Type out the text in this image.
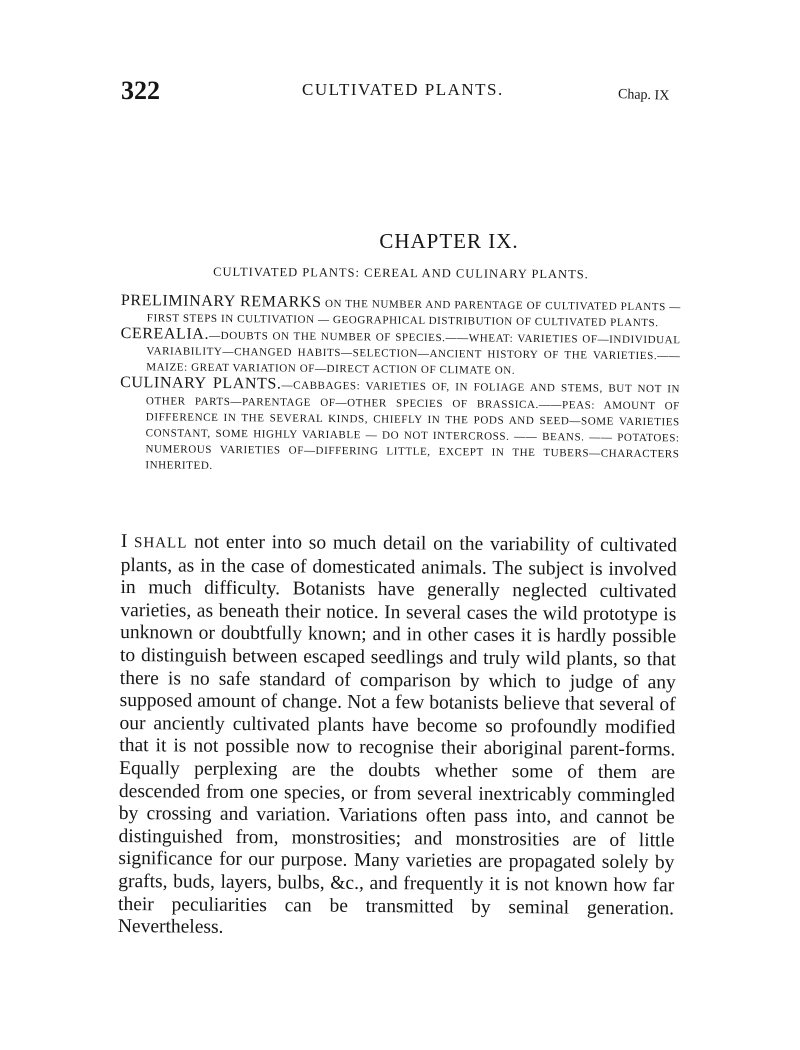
322	CULTIVATED PLANTS.	Chap. IX
CHAPTER IX.
CULTIVATED PLANTS: CEREAL AND CULINARY PLANTS.

PRELIMINARY REMARKS ON THE NUMBER AND PARENTAGE OF CULTIVATED PLANTS — FIRST STEPS IN CULTIVATION — GEOGRAPHICAL DISTRIBUTION OF CULTIVATED PLANTS.

CEREALIA.—DOUBTS ON THE NUMBER OF SPECIES.——WHEAT: VARIETIES OF—INDIVIDUAL VARIABILITY—CHANGED HABITS—SELECTION—ANCIENT HISTORY OF THE VARIETIES.——MAIZE: GREAT VARIATION OF—DIRECT ACTION OF CLIMATE ON.

CULINARY PLANTS.—CABBAGES: VARIETIES OF, IN FOLIAGE AND STEMS, BUT NOT IN OTHER PARTS—PARENTAGE OF—OTHER SPECIES OF BRASSICA.——PEAS: AMOUNT OF DIFFERENCE IN THE SEVERAL KINDS, CHIEFLY IN THE PODS AND SEED—SOME VARIETIES CONSTANT, SOME HIGHLY VARIABLE — DO NOT INTERCROSS. —— BEANS. —— POTATOES: NUMEROUS VARIETIES OF—DIFFERING LITTLE, EXCEPT IN THE TUBERS—CHARACTERS INHERITED.

I SHALL not enter into so much detail on the variability of cultivated plants, as in the case of domesticated animals. The subject is involved in much difficulty. Botanists have generally neglected cultivated varieties, as beneath their notice. In several cases the wild prototype is unknown or doubtfully known; and in other cases it is hardly possible to distinguish between escaped seedlings and truly wild plants, so that there is no safe standard of comparison by which to judge of any supposed amount of change. Not a few botanists believe that several of our anciently cultivated plants have become so profoundly modified that it is not possible now to recognise their aboriginal parent-forms. Equally perplexing are the doubts whether some of them are descended from one species, or from several inextricably commingled by crossing and variation. Variations often pass into, and cannot be distinguished from, monstrosities; and monstrosities are of little significance for our purpose. Many varieties are propagated solely by grafts, buds, layers, bulbs, &c., and frequently it is not known how far their peculiarities can be transmitted by seminal generation. Nevertheless.
